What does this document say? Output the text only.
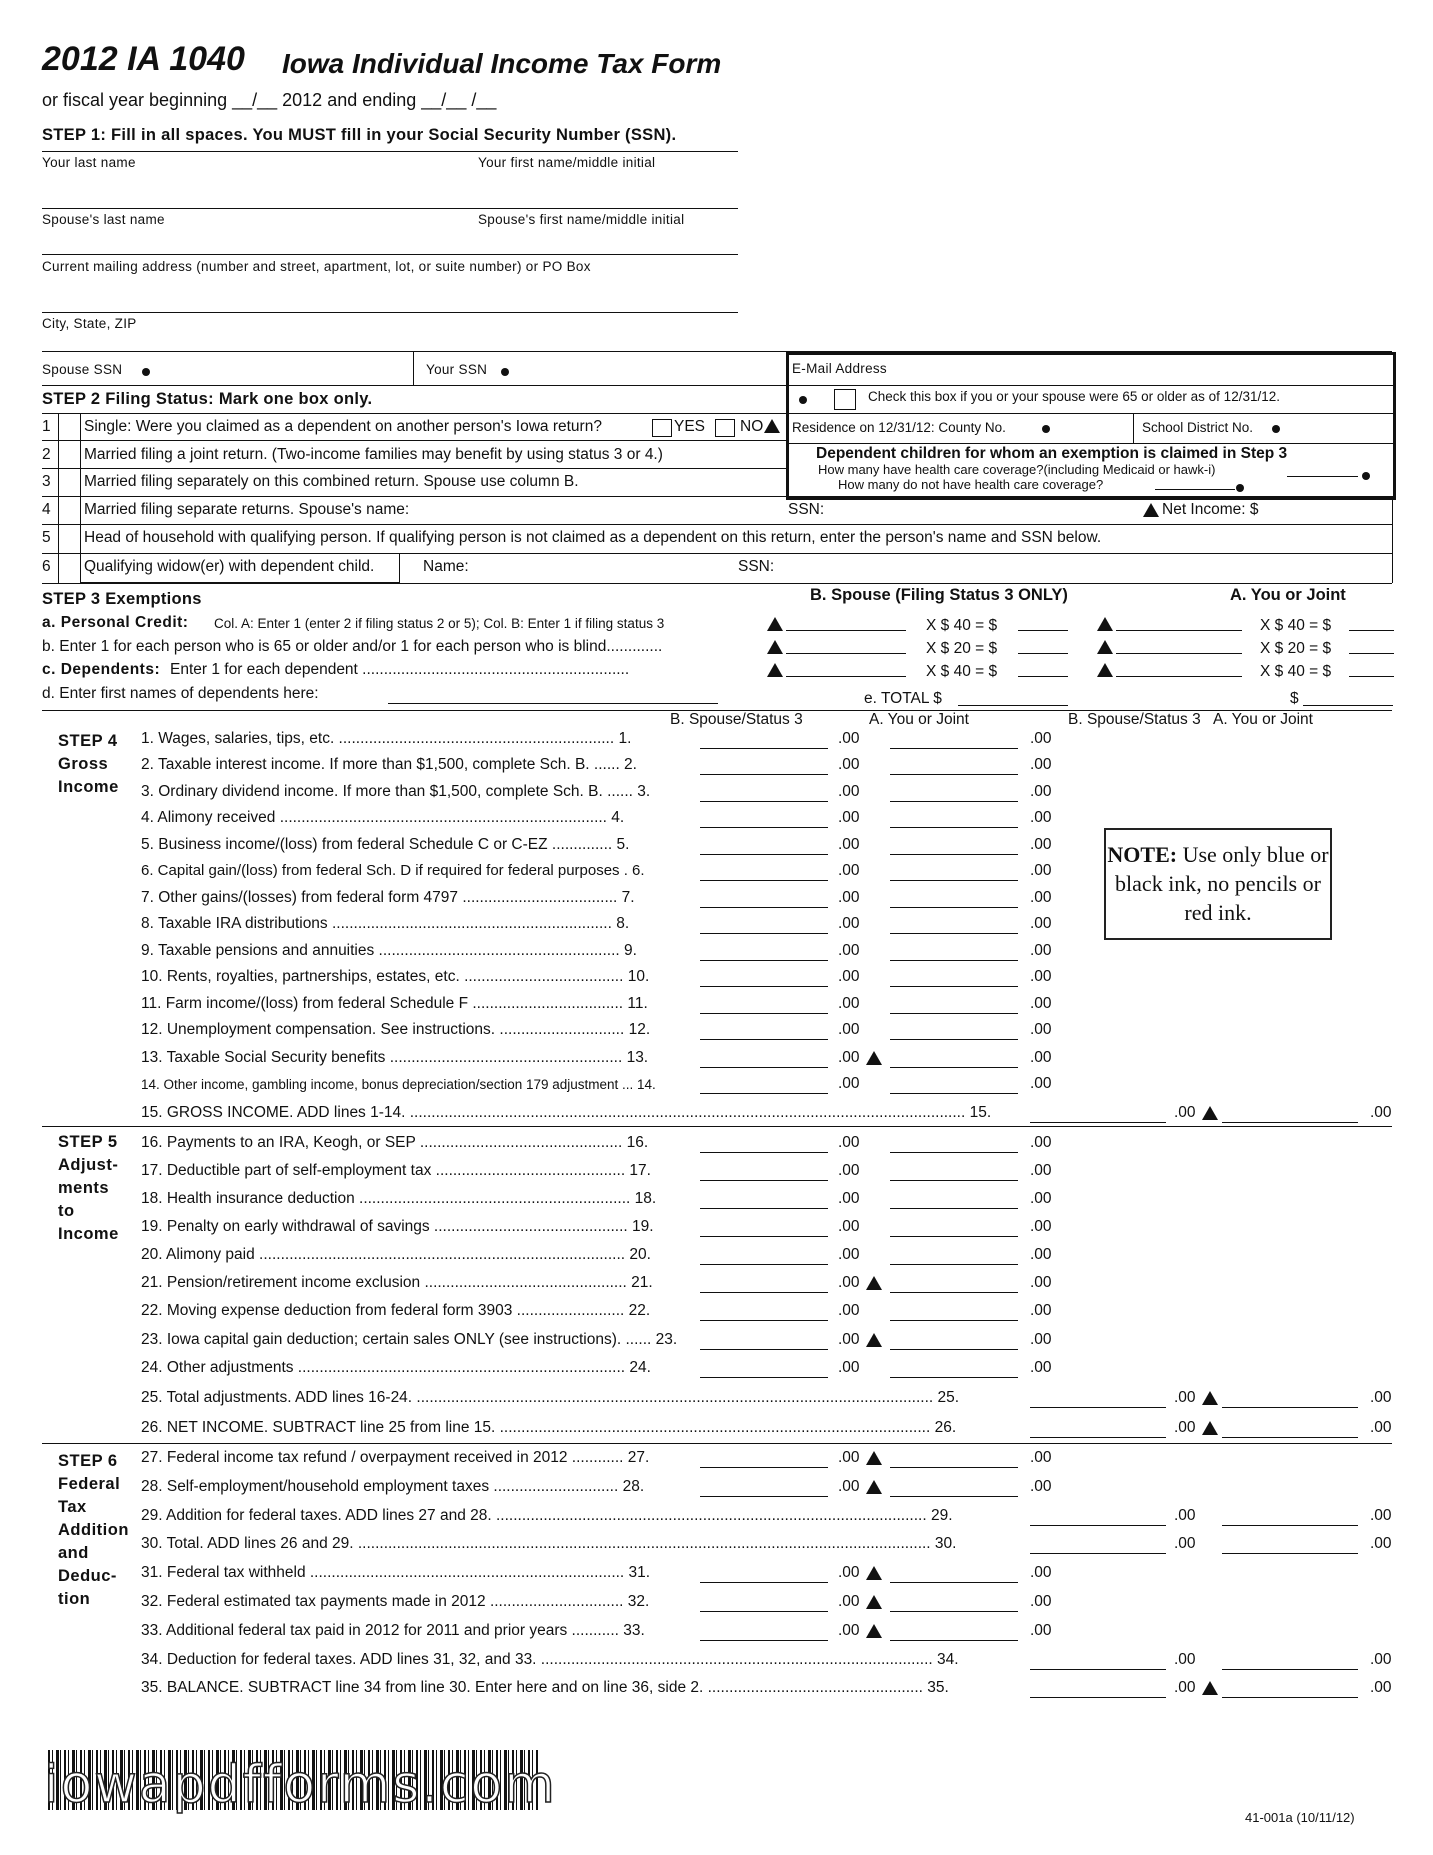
2012 IA 1040 Iowa Individual Income Tax Form
or fiscal year beginning __/__ 2012 and ending __/__ /__
STEP 1: Fill in all spaces. You MUST fill in your Social Security Number (SSN).
Your last name	Your first name/middle initial
Spouse's last name	Spouse's first name/middle initial
Current mailing address (number and street, apartment, lot, or suite number) or PO Box
City, State, ZIP
Spouse SSN	Your SSN	E-Mail Address
Check this box if you or your spouse were 65 or older as of 12/31/12.
Residence on 12/31/12: County No.	School District No.
Dependent children for whom an exemption is claimed in Step 3
How many have health care coverage?(including Medicaid or hawk-i)
How many do not have health care coverage?
STEP 2 Filing Status: Mark one box only.
1 Single: Were you claimed as a dependent on another person's Iowa return?	YES NO
2 Married filing a joint return. (Two-income families may benefit by using status 3 or 4.)
3 Married filing separately on this combined return. Spouse use column B.
4 Married filing separate returns. Spouse's name:	SSN:	Net Income: $
5 Head of household with qualifying person. If qualifying person is not claimed as a dependent on this return, enter the person's name and SSN below.
6 Qualifying widow(er) with dependent child.	Name:	SSN:
STEP 3 Exemptions	B. Spouse (Filing Status 3 ONLY)	A. You or Joint
a. Personal Credit: Col. A: Enter 1 (enter 2 if filing status 2 or 5); Col. B: Enter 1 if filing status 3
b. Enter 1 for each person who is 65 or older and/or 1 for each person who is blind.............
c. Dependents: Enter 1 for each dependent ..............................................................
d. Enter first names of dependents here:
X $ 40 = $	X $ 40 = $
X $ 20 = $	X $ 20 = $
X $ 40 = $	X $ 40 = $
e. TOTAL $	$
B. Spouse/Status 3	A. You or Joint	B. Spouse/Status 3 A. You or Joint
STEP 4
Gross
Income
STEP 5
Adjust-
ments
to
Income
STEP 6
Federal
Tax
Addition
and
Deduc-
tion
NOTE: Use only blue or black ink, no pencils or red ink.
1. Wages, salaries, tips, etc. ................................................................ 1.	.00	.00
2. Taxable interest income. If more than $1,500, complete Sch. B. ...... 2.	.00	.00
3. Ordinary dividend income. If more than $1,500, complete Sch. B. ...... 3.	.00	.00
4. Alimony received ............................................................................ 4.	.00	.00
5. Business income/(loss) from federal Schedule C or C-EZ .............. 5.	.00	.00
6. Capital gain/(loss) from federal Sch. D if required for federal purposes . 6.	.00	.00
7. Other gains/(losses) from federal form 4797 .................................... 7.	.00	.00
8. Taxable IRA distributions ................................................................. 8.	.00	.00
9. Taxable pensions and annuities ........................................................ 9.	.00	.00
10. Rents, royalties, partnerships, estates, etc. ..................................... 10.	.00	.00
11. Farm income/(loss) from federal Schedule F ................................... 11.	.00	.00
12. Unemployment compensation. See instructions. ............................. 12.	.00	.00
13. Taxable Social Security benefits ...................................................... 13.	.00	.00
14. Other income, gambling income, bonus depreciation/section 179 adjustment ... 14.	.00	.00
15. GROSS INCOME. ADD lines 1-14. ................................................................................................................................. 15.	.00	.00
16. Payments to an IRA, Keogh, or SEP ............................................... 16.	.00	.00
17. Deductible part of self-employment tax ............................................ 17.	.00	.00
18. Health insurance deduction ............................................................... 18.	.00	.00
19. Penalty on early withdrawal of savings ............................................. 19.	.00	.00
20. Alimony paid ..................................................................................... 20.	.00	.00
21. Pension/retirement income exclusion ............................................... 21.	.00	.00
22. Moving expense deduction from federal form 3903 ......................... 22.	.00	.00
23. Iowa capital gain deduction; certain sales ONLY (see instructions). ...... 23.	.00	.00
24. Other adjustments ............................................................................ 24.	.00	.00
25. Total adjustments. ADD lines 16-24. ........................................................................................................................ 25.	.00	.00
26. NET INCOME. SUBTRACT line 25 from line 15. .................................................................................................... 26.	.00	.00
27. Federal income tax refund / overpayment received in 2012 ............ 27.	.00	.00
28. Self-employment/household employment taxes ............................. 28.	.00	.00
29. Addition for federal taxes. ADD lines 27 and 28. .................................................................................................... 29.	.00	.00
30. Total. ADD lines 26 and 29. ..................................................................................................................................... 30.	.00	.00
31. Federal tax withheld ......................................................................... 31.	.00	.00
32. Federal estimated tax payments made in 2012 ............................... 32.	.00	.00
33. Additional federal tax paid in 2012 for 2011 and prior years ........... 33.	.00	.00
34. Deduction for federal taxes. ADD lines 31, 32, and 33. ........................................................................................... 34.	.00	.00
35. BALANCE. SUBTRACT line 34 from line 30. Enter here and on line 36, side 2. .................................................. 35.	.00	.00
iowapdfforms.com
41-001a (10/11/12)
